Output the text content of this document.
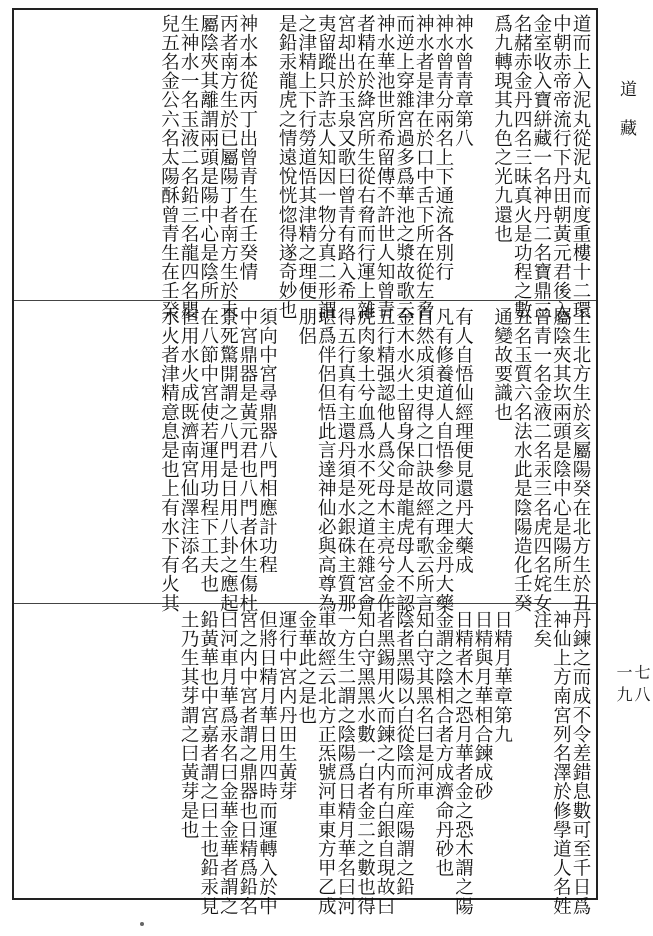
道而上入泥丸從泥丸而度重樓十二環
中朝赤帝帝流行下丹田朝黃元君後入
金室收入寶絣藏一名神丹二名寶鼎三
名赭赤金丹四名三昧真火是功程之數
爲九轉現其九色之光九還也
神水曾青章第八
神水曾青分兩名上下通流各別行
神水者是津在於口中舌下所在從左脅
而逆上穿雜宮過多爲華池之漿故歌云
神水華池世所希留傳不許世人知曾青
者精在於絳宮所生從右脅而行運上雜
宮却出於玉泉又歌曰曾青有路入希
夷留蹤只許志人知因一物分真二形謂
之津精上下行勞道悟其津精之理便
是鉛汞龍虎之情遠悅恍惚得遂奇妙也
神水本從丙丁出曾青生在壬癸情
丙者南方生於已屬陽丁者南方生於未
屬陰夾其離謂兩頭是陽中心是陰所
生神水一名玉液二名鉛三名龍四名嬰
兒五名金公六名太陽酥曾青生在壬癸
壬生北方生於亥屬陽癸在北方生於丑
屬陰夾其坎兩頭是陰中心是陽所生
曾青一名金液二名汞三名虎四名姹女
五名玉質六名法水此是陰陽造化壬癸
通變故要識也
有人自悟仙經理便見還丹大藥成
凡有修養道人自悟參同之理金丹大藥
自然成須史得之口訣故經有歌云所言
金木水火土留身保命是龍虎母人不認
五行精强認他人爲父母木主亮兮金作
虎肉象土兮血爲水不死之道在雜宮會
得五行真有主還丹須是水銀硃主質那
堪爲伴侶但悟此言達神仙必與高尊為
朋侶
須向中宮尋鼎器八門相應計功程
中宮鼎器是黃元君也八門者休生傷杜
景死驚開謂之八門是日用八卦之應起
在八節中宮使若運用功程下工夫也
但用水火成既濟南宮仙澤注添名
水火者津精意息是也上有水下有火其
丹鍊之而成不令差錯息數可至千日爲
神仙上方南宮列名澤於修學道人名姓
注矣
日精月華章第九
日精與月華相合鍊成砂
日精者木之恐月華者金之恐木謂之陽
金謂之陰相合者方成濟命丹砂也
知白守其黑名曰是河車
陰者黑陽以白從陰而所産陽謂之鉛
者黑錫用火而鍊之内有白銀自現故曰
知白守黑黑水數一白者金二之數也得
一方生二謂之陰陽爲日精月華名曰河
車故經云北方正炁號河車東方甲乙成
金華此之是也
運行中宮内丹田生黃芽
但將日精月華日用四時而運轉入於中
宮之内中宮者謂之鼎器也日精爲鉛名
曰河車月華爲汞名曰金華金華者謂之
鉛黃華也中宮嘉者謂之曰土也鉛汞見
土乃生其芽謂之曰黃芽是也
道藏
一九 七八
